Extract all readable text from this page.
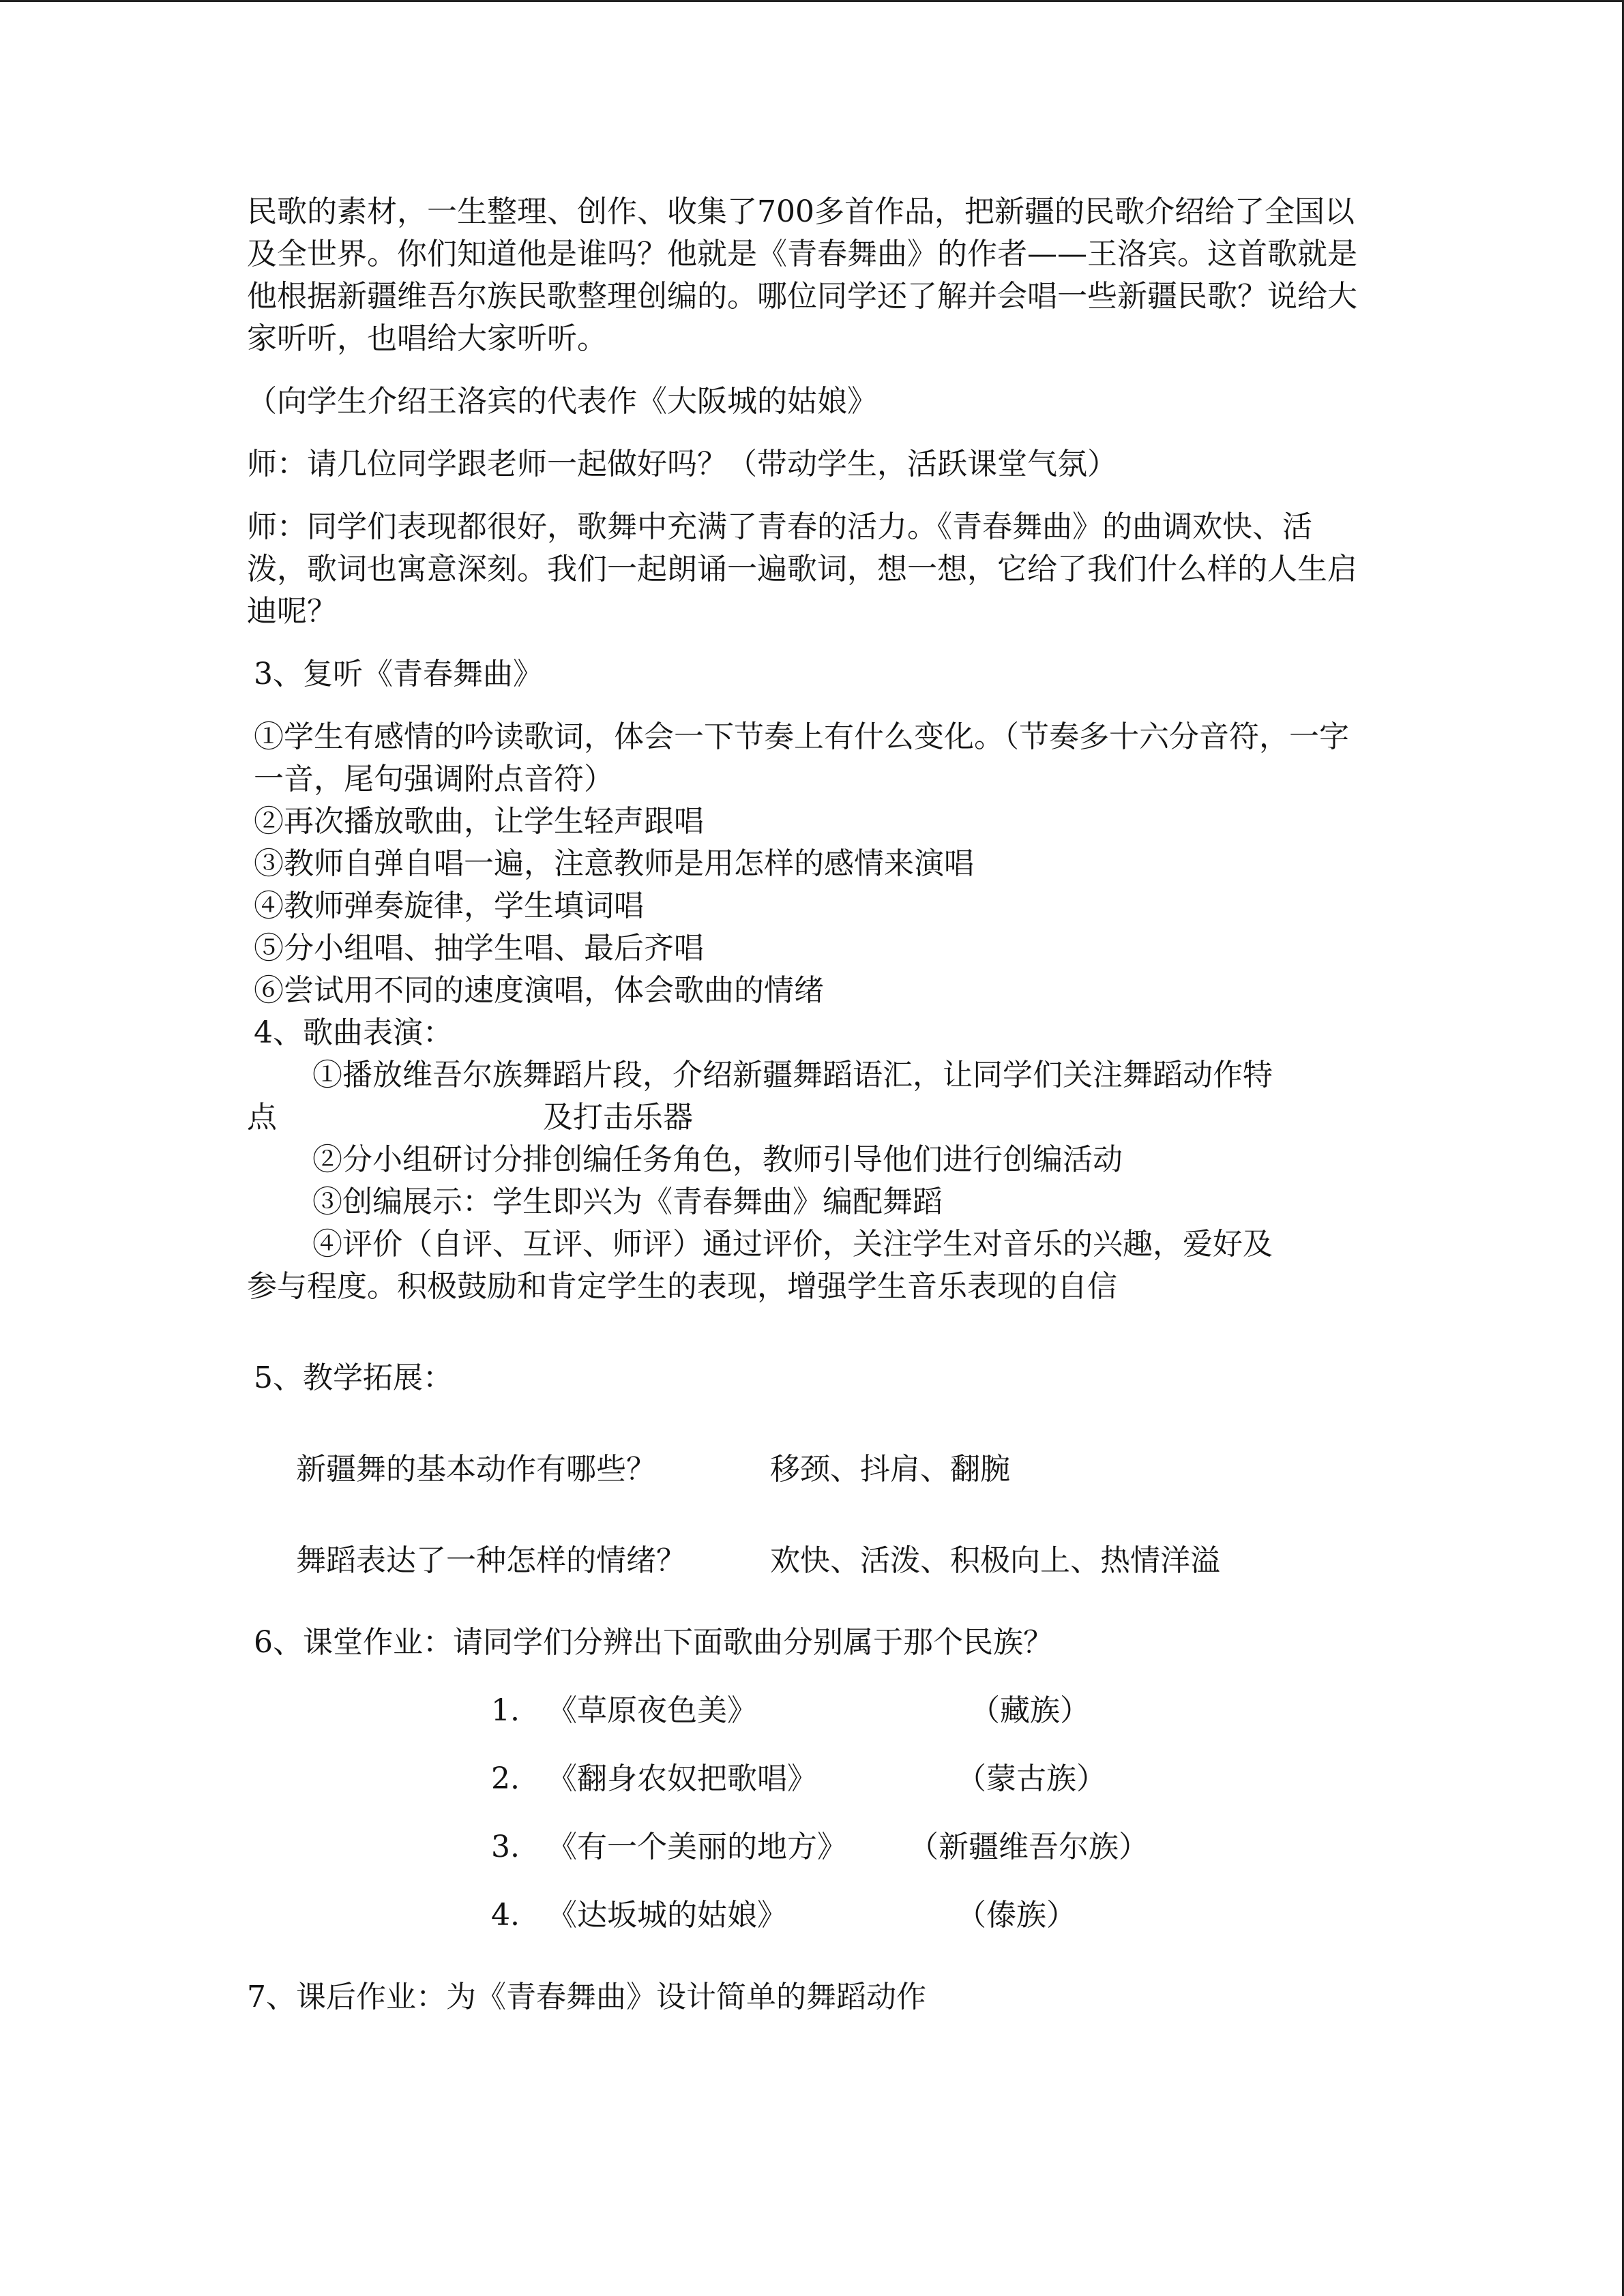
民歌的素材，一生整理、创作、收集了700多首作品，把新疆的民歌介绍给了全国以及全世界。你们知道他是谁吗？他就是《青春舞曲》的作者——王洛宾。这首歌就是他根据新疆维吾尔族民歌整理创编的。哪位同学还了解并会唱一些新疆民歌？说给大家听听，也唱给大家听听。

（向学生介绍王洛宾的代表作《大阪城的姑娘》

师：请几位同学跟老师一起做好吗？（带动学生，活跃课堂气氛）

师：同学们表现都很好，歌舞中充满了青春的活力。《青春舞曲》的曲调欢快、活泼，歌词也寓意深刻。我们一起朗诵一遍歌词，想一想，它给了我们什么样的人生启迪呢？

3、复听《青春舞曲》

①学生有感情的吟读歌词，体会一下节奏上有什么变化。（节奏多十六分音符，一字一音，尾句强调附点音符）

②再次播放歌曲，让学生轻声跟唱

③教师自弹自唱一遍，注意教师是用怎样的感情来演唱

④教师弹奏旋律，学生填词唱

⑤分小组唱、抽学生唱、最后齐唱

⑥尝试用不同的速度演唱，体会歌曲的情绪

4、歌曲表演：

①播放维吾尔族舞蹈片段，介绍新疆舞蹈语汇，让同学们关注舞蹈动作特

点	及打击乐器

②分小组研讨分排创编任务角色，教师引导他们进行创编活动

③创编展示：学生即兴为《青春舞曲》编配舞蹈

④评价（自评、互评、师评）通过评价，关注学生对音乐的兴趣，爱好及

参与程度。积极鼓励和肯定学生的表现，增强学生音乐表现的自信

5、教学拓展：

新疆舞的基本动作有哪些？	移颈、抖肩、翻腕
舞蹈表达了一种怎样的情绪？	欢快、活泼、积极向上、热情洋溢

6、课堂作业：请同学们分辨出下面歌曲分别属于那个民族？

1. 《草原夜色美》	（藏族）
2. 《翻身农奴把歌唱》	（蒙古族）
3. 《有一个美丽的地方》	（新疆维吾尔族）
4. 《达坂城的姑娘》	（傣族）

7、课后作业：为《青春舞曲》设计简单的舞蹈动作
